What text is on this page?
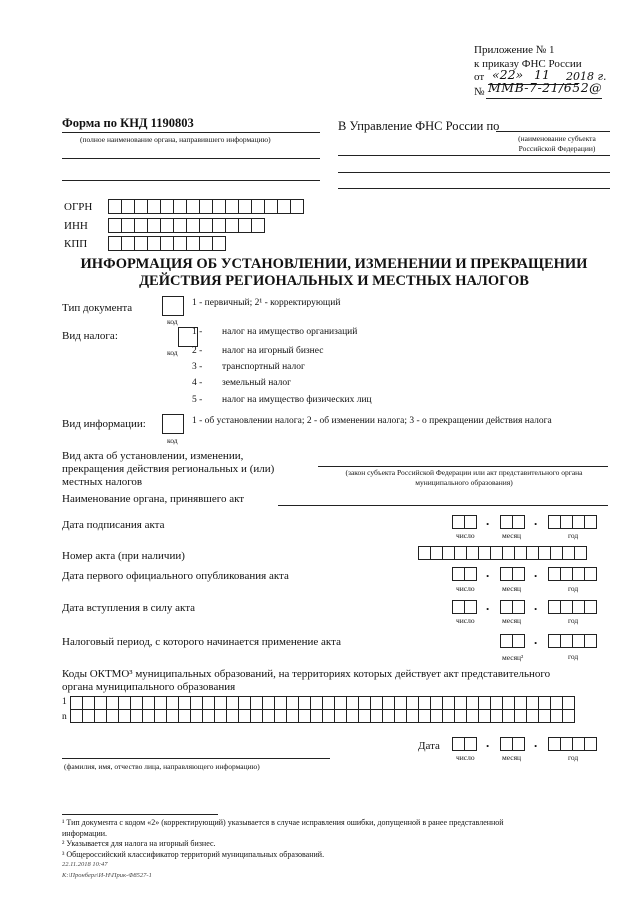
Приложение № 1
к приказу ФНС России
от «22» 11 2018 г.
№ ММВ-7-21/652@
Форма по КНД 1190803
(полное наименование органа, направившего информацию)
В Управление ФНС России по
(наименование субъекта Российской Федерации)
ОГРН
ИНН
КПП
ИНФОРМАЦИЯ ОБ УСТАНОВЛЕНИИ, ИЗМЕНЕНИИ И ПРЕКРАЩЕНИИ
ДЕЙСТВИЯ РЕГИОНАЛЬНЫХ И МЕСТНЫХ НАЛОГОВ
Тип документа
код
1 - первичный; 2¹ - корректирующий
Вид налога:
код
1 - налог на имущество организаций
2 - налог на игорный бизнес
3 - транспортный налог
4 - земельный налог
5 - налог на имущество физических лиц
Вид информации:
код
1 - об установлении налога; 2 - об изменении налога; 3 - о прекращении действия налога
Вид акта об установлении, изменении,
прекращения действия региональных и (или)
местных налогов
(закон субъекта Российской Федерации или акт представительного органа муниципального образования)
Наименование органа, принявшего акт
Дата подписания акта	.	.
число	месяц	год
Номер акта (при наличии)
Дата первого официального опубликования акта	.	.
число	месяц	год
Дата вступления в силу акта	.	.
число	месяц	год
Налоговый период, с которого начинается применение акта	.
месяц²	год
Коды ОКТМО³ муниципальных образований, на территориях которых действует акт представительного
органа муниципального образования
1
n
Дата	.	.
число	месяц	год
(фамилия, имя, отчество лица, направляющего информацию)
¹ Тип документа с кодом «2» (корректирующий) указывается в случае исправления ошибки, допущенной в ранее представленной
информации.
² Указывается для налога на игорный бизнес.
³ Общероссийский классификатор территорий муниципальных образований.
22.11.2018 10:47
К:\Пронберг\И-Н\Прик-Ф8527-1
